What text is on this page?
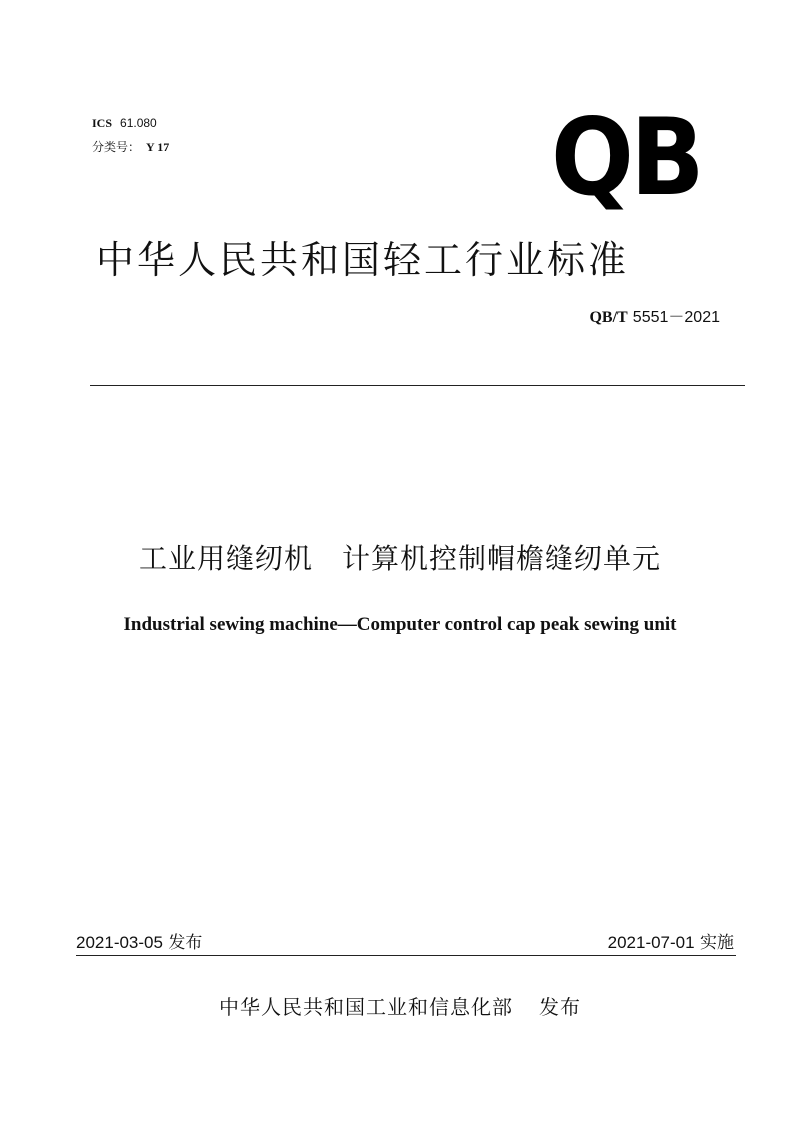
ICS 61.080
分类号： Y 17	QB
中华人民共和国轻工行业标准
QB/T 5551－2021
工业用缝纫机　计算机控制帽檐缝纫单元
Industrial sewing machine—Computer control cap peak sewing unit
2021-03-05 发布	2021-07-01 实施
中华人民共和国工业和信息化部 发布
